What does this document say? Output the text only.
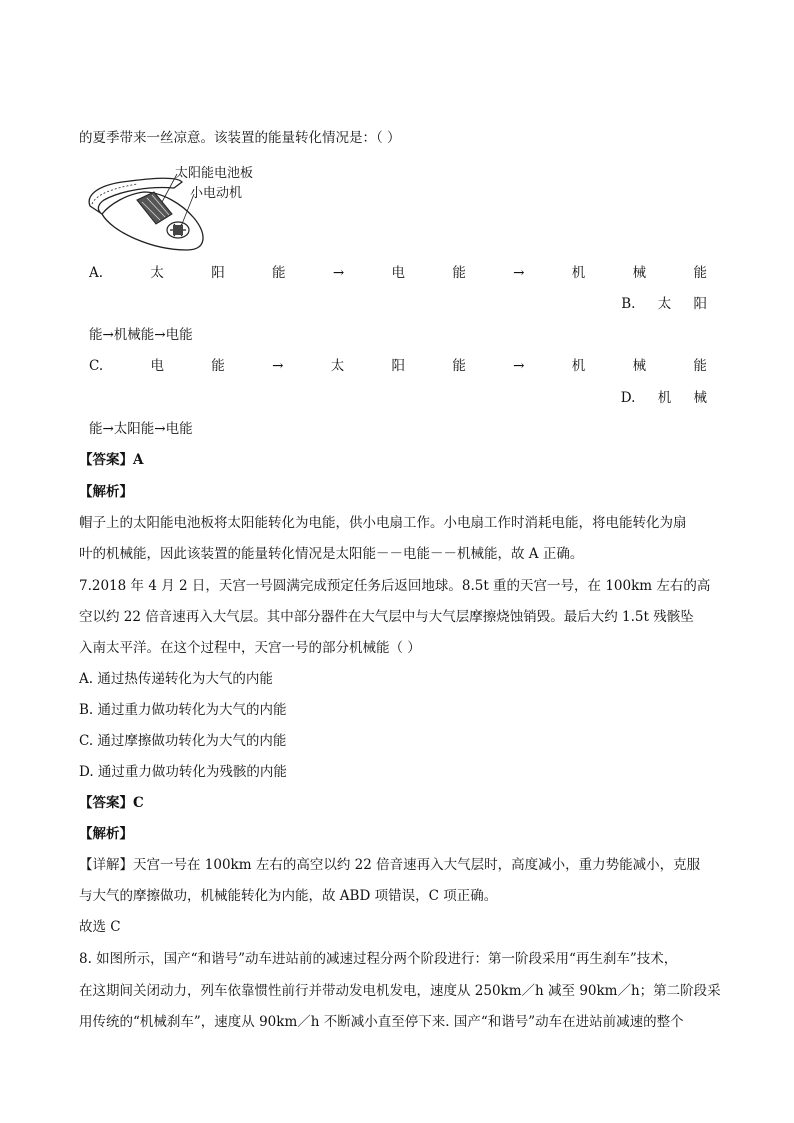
的夏季带来一丝凉意。该装置的能量转化情况是：（ ）
太阳能电池板
小电动机
A.	太	阳	能	→	电	能	→	机	械	能
B. 太 阳
能→机械能→电能
C.	电	能	→	太	阳	能	→	机	械	能
D. 机 械
能→太阳能→电能
【答案】A
【解析】
帽子上的太阳能电池板将太阳能转化为电能，供小电扇工作。小电扇工作时消耗电能，将电能转化为扇
叶的机械能，因此该装置的能量转化情况是太阳能－－电能－－机械能，故 A 正确。
7.2018 年 4 月 2 日，天宫一号圆满完成预定任务后返回地球。8.5t 重的天宫一号，在 100km 左右的高
空以约 22 倍音速再入大气层。其中部分器件在大气层中与大气层摩擦烧蚀销毁。最后大约 1.5t 残骸坠
入南太平洋。在这个过程中，天宫一号的部分机械能（ ）
A. 通过热传递转化为大气的内能
B. 通过重力做功转化为大气的内能
C. 通过摩擦做功转化为大气的内能
D. 通过重力做功转化为残骸的内能
【答案】C
【解析】
【详解】天宫一号在 100km 左右的高空以约 22 倍音速再入大气层时，高度减小，重力势能减小，克服
与大气的摩擦做功，机械能转化为内能，故 ABD 项错误，C 项正确。
故选 C
8. 如图所示，国产“和谐号”动车进站前的减速过程分两个阶段进行：第一阶段采用“再生刹车”技术，
在这期间关闭动力，列车依靠惯性前行并带动发电机发电，速度从 250km／h 减至 90km／h；第二阶段采
用传统的“机械刹车”，速度从 90km／h 不断减小直至停下来. 国产“和谐号”动车在进站前减速的整个
